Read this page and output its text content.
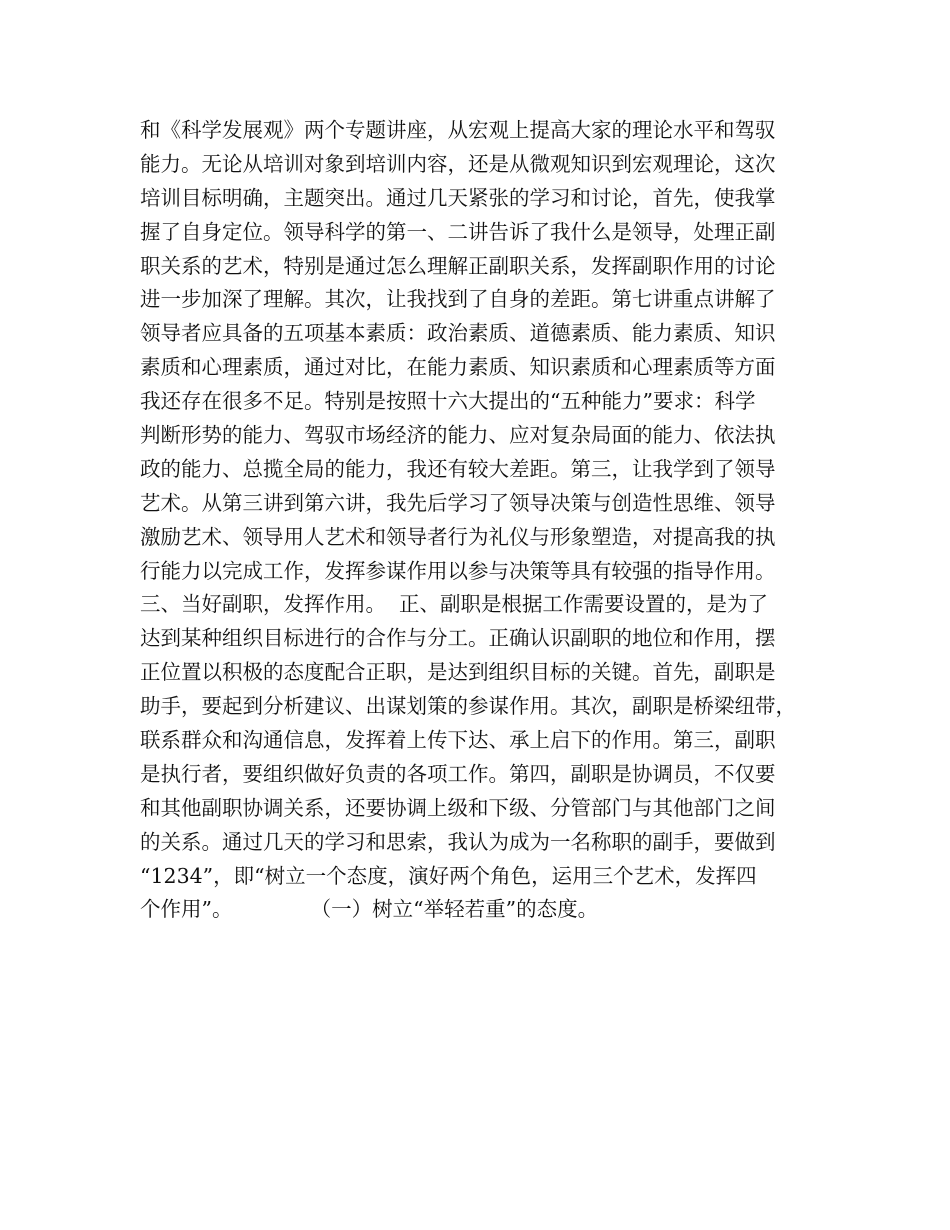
和《科学发展观》两个专题讲座，从宏观上提高大家的理论水平和驾驭
能力。无论从培训对象到培训内容，还是从微观知识到宏观理论，这次
培训目标明确，主题突出。通过几天紧张的学习和讨论，首先，使我掌
握了自身定位。领导科学的第一、二讲告诉了我什么是领导，处理正副
职关系的艺术，特别是通过怎么理解正副职关系，发挥副职作用的讨论
进一步加深了理解。其次，让我找到了自身的差距。第七讲重点讲解了
领导者应具备的五项基本素质：政治素质、道德素质、能力素质、知识
素质和心理素质，通过对比，在能力素质、知识素质和心理素质等方面
我还存在很多不足。特别是按照十六大提出的“五种能力”要求：科学
判断形势的能力、驾驭市场经济的能力、应对复杂局面的能力、依法执
政的能力、总揽全局的能力，我还有较大差距。第三，让我学到了领导
艺术。从第三讲到第六讲，我先后学习了领导决策与创造性思维、领导
激励艺术、领导用人艺术和领导者行为礼仪与形象塑造，对提高我的执
行能力以完成工作，发挥参谋作用以参与决策等具有较强的指导作用。
三、当好副职，发挥作用。  正、副职是根据工作需要设置的，是为了
达到某种组织目标进行的合作与分工。正确认识副职的地位和作用，摆
正位置以积极的态度配合正职，是达到组织目标的关键。首先，副职是
助手，要起到分析建议、出谋划策的参谋作用。其次，副职是桥梁纽带，
联系群众和沟通信息，发挥着上传下达、承上启下的作用。第三，副职
是执行者，要组织做好负责的各项工作。第四，副职是协调员，不仅要
和其他副职协调关系，还要协调上级和下级、分管部门与其他部门之间
的关系。通过几天的学习和思索，我认为成为一名称职的副手，要做到
“1234”，即“树立一个态度，演好两个角色，运用三个艺术，发挥四
个作用”。            （一）树立“举轻若重”的态度。
